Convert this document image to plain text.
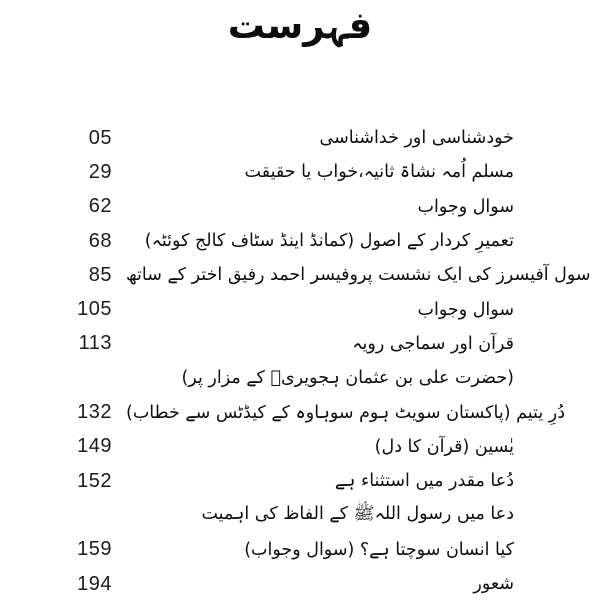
فہرست
05	خودشناسی اور خداشناسی
29	مسلم اُمہ نشاۃ ثانیہ،خواب یا حقیقت
62	سوال وجواب
68	تعمیرِ کردار کے اصول (کمانڈ اینڈ سٹاف کالج کوئٹہ)
85 سول آفیسرز کی ایک نشست پروفیسر احمد رفیق اختر کے ساتھ
105	سوال وجواب
113	قرآن اور سماجی رویہ
(حضرت علی بن عثمان ہجویریؒ کے مزار پر)
132 دُرِ یتیم (پاکستان سویٹ ہوم سوہاوہ کے کیڈٹس سے خطاب)
149	یٰسین (قرآن کا دل)
152	دُعا مقدر میں استثناء ہے
دعا میں رسول اللہﷺ کے الفاظ کی اہمیت
159	کیا انسان سوچتا ہے؟ (سوال وجواب)
194	شعور
